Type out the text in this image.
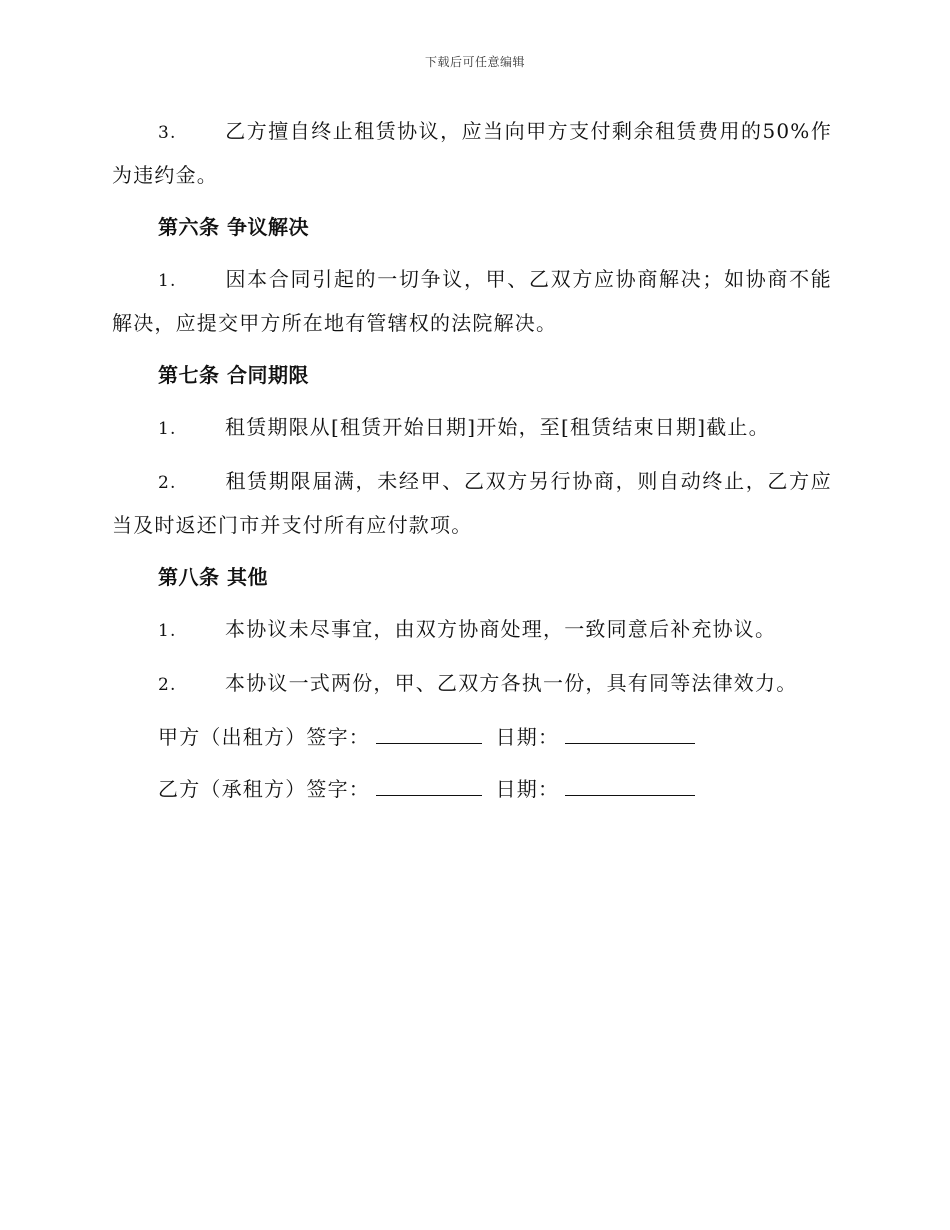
下载后可任意编辑

3. 乙方擅自终止租赁协议，应当向甲方支付剩余租赁费用的50%作为违约金。

第六条 争议解决

1. 因本合同引起的一切争议，甲、乙双方应协商解决；如协商不能解决，应提交甲方所在地有管辖权的法院解决。

第七条 合同期限

1. 租赁期限从[租赁开始日期]开始，至[租赁结束日期]截止。

2. 租赁期限届满，未经甲、乙双方另行协商，则自动终止，乙方应当及时返还门市并支付所有应付款项。

第八条 其他

1. 本协议未尽事宜，由双方协商处理，一致同意后补充协议。

2. 本协议一式两份，甲、乙双方各执一份，具有同等法律效力。

甲方（出租方）签字：	日期：
乙方（承租方）签字：	日期：
